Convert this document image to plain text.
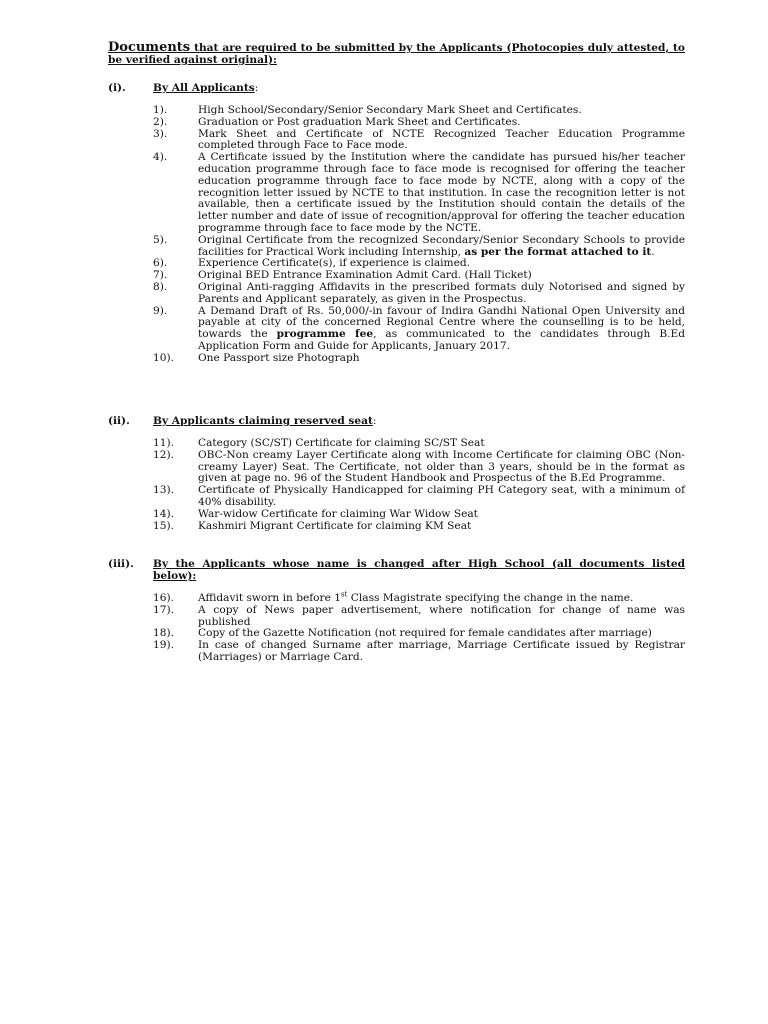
Documents that are required to be submitted by the Applicants (Photocopies duly attested, to be verified against original):
(i).	By All Applicants:
1).	High School/Secondary/Senior Secondary Mark Sheet and Certificates.
2).	Graduation or Post graduation Mark Sheet and Certificates.
3).	Mark Sheet and Certificate of NCTE Recognized Teacher Education Programme completed through Face to Face mode.
4).	A Certificate issued by the Institution where the candidate has pursued his/her teacher education programme through face to face mode is recognised for offering the teacher education programme through face to face mode by NCTE, along with a copy of the recognition letter issued by NCTE to that institution. In case the recognition letter is not available, then a certificate issued by the Institution should contain the details of the letter number and date of issue of recognition/approval for offering the teacher education programme through face to face mode by the NCTE.
5).	Original Certificate from the recognized Secondary/Senior Secondary Schools to provide facilities for Practical Work including Internship, as per the format attached to it.
6).	Experience Certificate(s), if experience is claimed.
7).	Original BED Entrance Examination Admit Card. (Hall Ticket)
8).	Original Anti-ragging Affidavits in the prescribed formats duly Notorised and signed by Parents and Applicant separately, as given in the Prospectus.
9).	A Demand Draft of Rs. 50,000/-in favour of Indira Gandhi National Open University and payable at city of the concerned Regional Centre where the counselling is to be held, towards the programme fee, as communicated to the candidates through B.Ed Application Form and Guide for Applicants, January 2017.
10).	One Passport size Photograph
(ii). By Applicants claiming reserved seat:
11).	Category (SC/ST) Certificate for claiming SC/ST Seat
12).	OBC-Non creamy Layer Certificate along with Income Certificate for claiming OBC (Non-creamy Layer) Seat. The Certificate, not older than 3 years, should be in the format as given at page no. 96 of the Student Handbook and Prospectus of the B.Ed Programme.
13).	Certificate of Physically Handicapped for claiming PH Category seat, with a minimum of 40% disability.
14).	War-widow Certificate for claiming War Widow Seat
15).	Kashmiri Migrant Certificate for claiming KM Seat
(iii). By the Applicants whose name is changed after High School (all documents listed below):
16).	Affidavit sworn in before 1st Class Magistrate specifying the change in the name.
17).	A copy of News paper advertisement, where notification for change of name was published
18).	Copy of the Gazette Notification (not required for female candidates after marriage)
19).	In case of changed Surname after marriage, Marriage Certificate issued by Registrar (Marriages) or Marriage Card.
